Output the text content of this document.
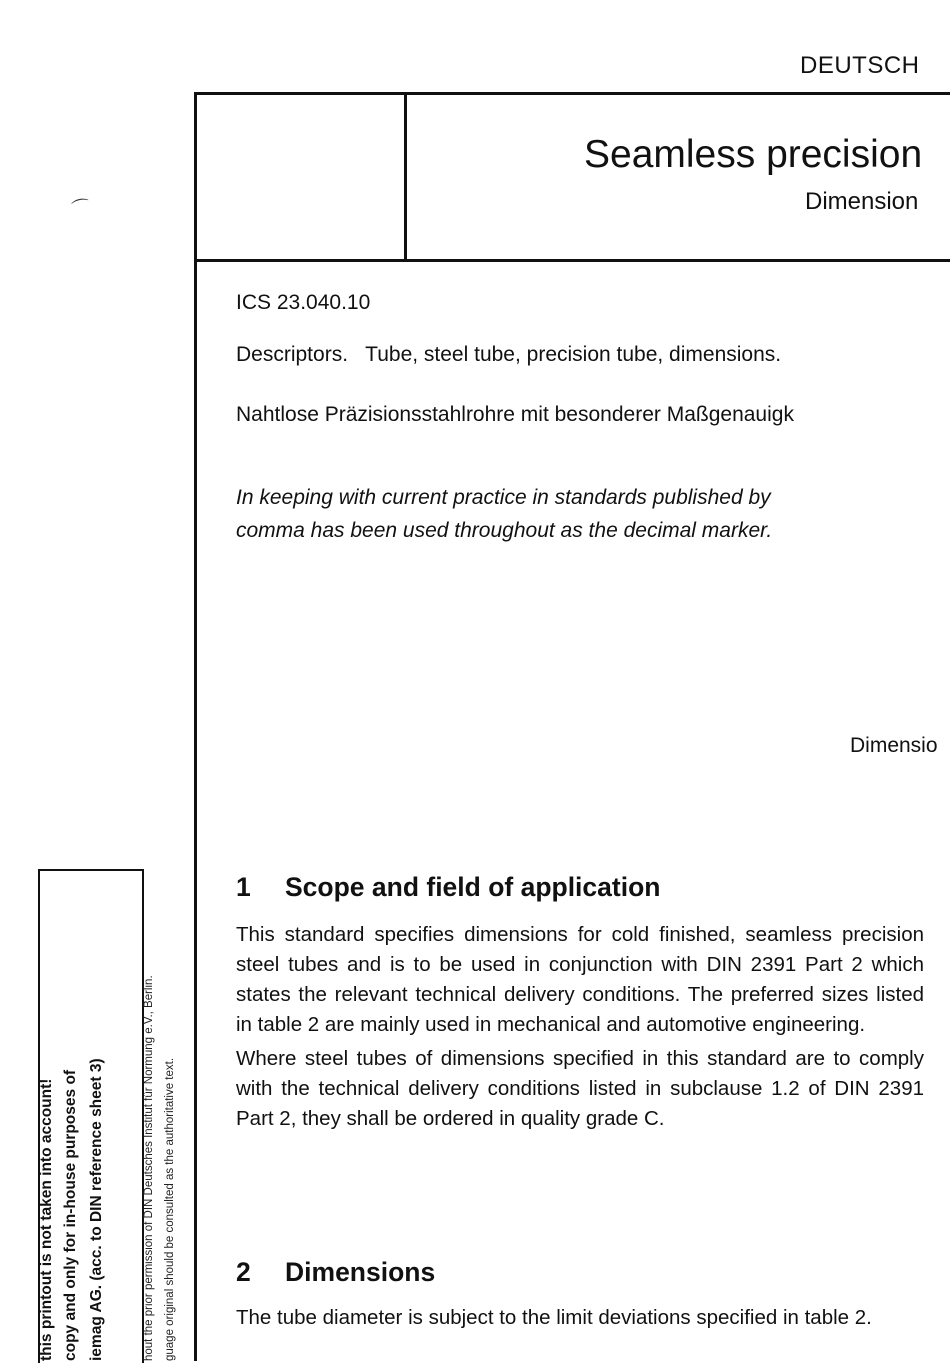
DEUTSCH
Seamless precision
Dimension
⌒
ICS 23.040.10
Descriptors. Tube, steel tube, precision tube, dimensions.
Nahtlose Präzisionsstahlrohre mit besonderer Maßgenauigk
In keeping with current practice in standards published by
comma has been used throughout as the decimal marker.
Dimensio
1 Scope and field of application

This standard specifies dimensions for cold finished, seamless precision steel tubes and is to be used in conjunction with DIN 2391 Part 2 which states the relevant technical delivery conditions. The preferred sizes listed in table 2 are mainly used in mechanical and automotive engineering.

Where steel tubes of dimensions specified in this standard are to comply with the technical delivery conditions listed in subclause 1.2 of DIN 2391 Part 2, they shall be ordered in quality grade C.

2 Dimensions

The tube diameter is subject to the limit deviations specified in table 2.

this printout is not taken into account! copy and only for in-house purposes of iemag AG. (acc. to DIN reference sheet 3)	hout the prior permission of DIN Deutsches Institut für Normung e.V., Berlin. guage original should be consulted as the authoritative text.
